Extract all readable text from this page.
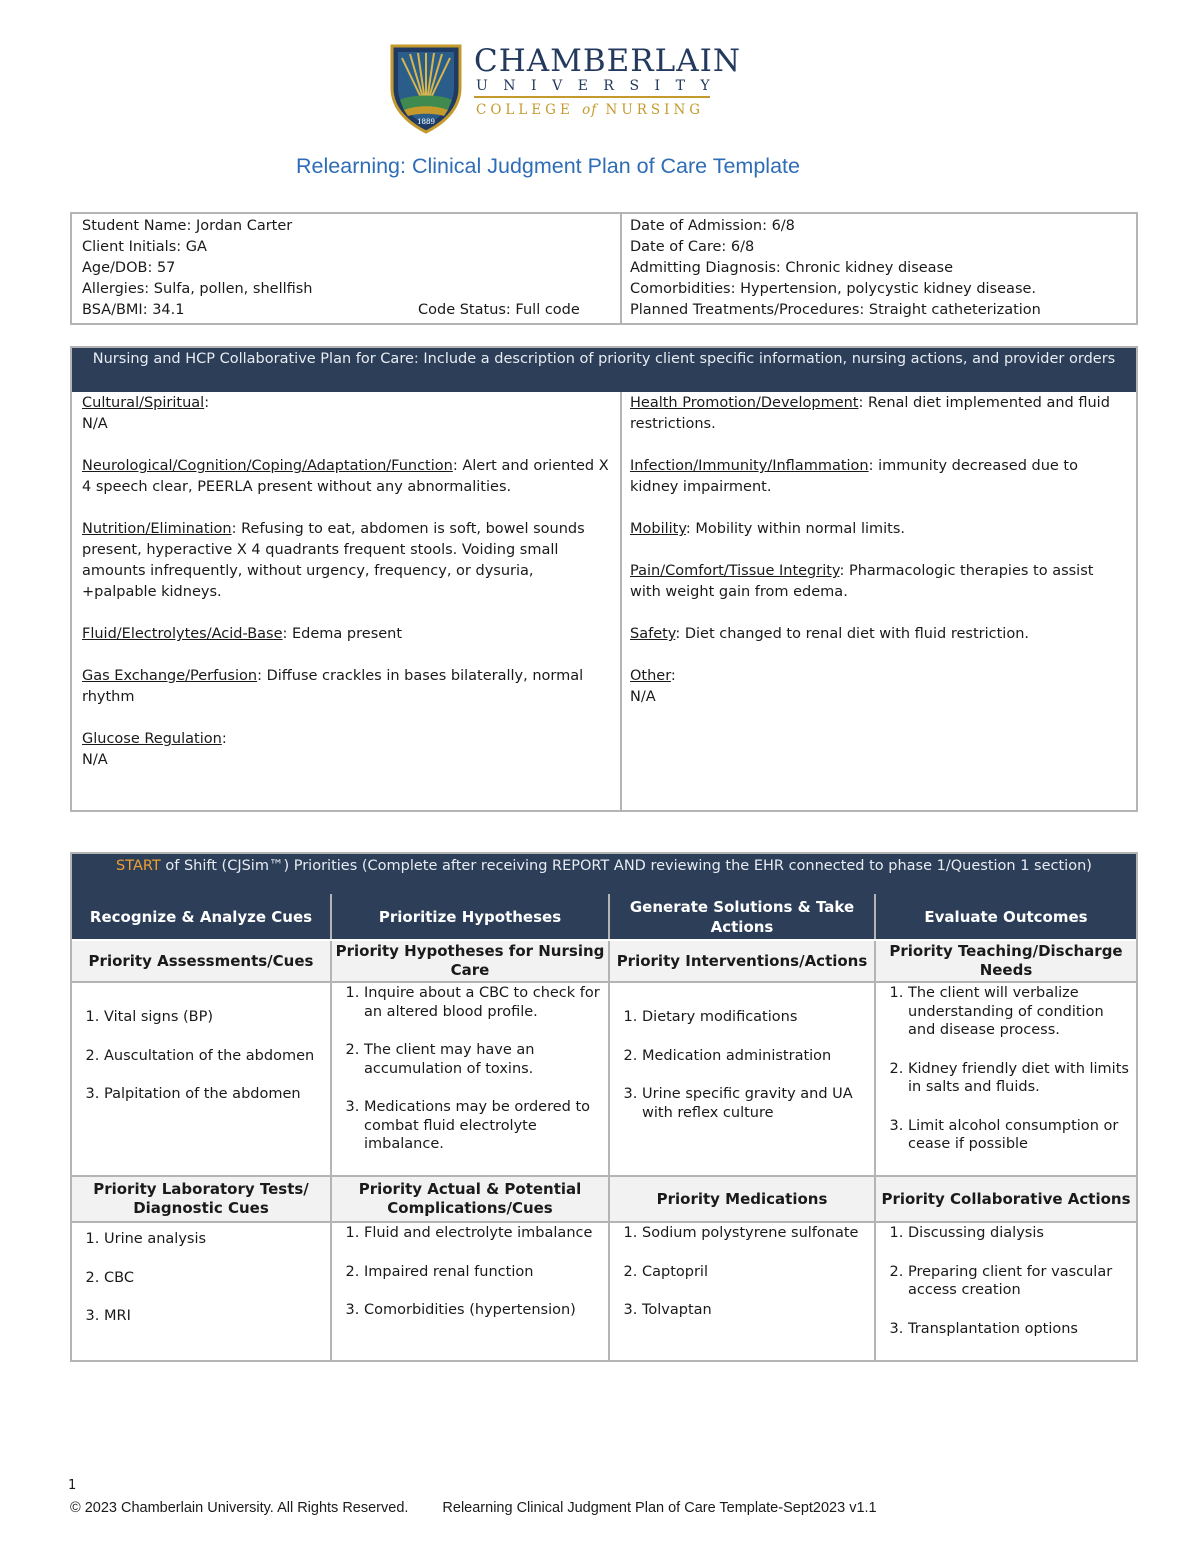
1889
CHAMBERLAIN
UNIVERSITY
COLLEGE of NURSING
Relearning: Clinical Judgment Plan of Care Template
Student Name: Jordan Carter
Client Initials: GA
Age/DOB: 57
Allergies: Sulfa, pollen, shellfish
BSA/BMI: 34.1	Code Status: Full code
Date of Admission: 6/8
Date of Care: 6/8
Admitting Diagnosis: Chronic kidney disease
Comorbidities: Hypertension, polycystic kidney disease.
Planned Treatments/Procedures: Straight catheterization
Nursing and HCP Collaborative Plan for Care: Include a description of priority client specific information, nursing actions, and provider orders
Cultural/Spiritual:
N/A
Neurological/Cognition/Coping/Adaptation/Function: Alert and oriented X 4 speech clear, PEERLA present without any abnormalities.
Nutrition/Elimination: Refusing to eat, abdomen is soft, bowel sounds present, hyperactive X 4 quadrants frequent stools. Voiding small amounts infrequently, without urgency, frequency, or dysuria, +palpable kidneys.
Fluid/Electrolytes/Acid-Base: Edema present
Gas Exchange/Perfusion: Diffuse crackles in bases bilaterally, normal rhythm
Glucose Regulation:
N/A
Health Promotion/Development: Renal diet implemented and fluid restrictions.
Infection/Immunity/Inflammation: immunity decreased due to kidney impairment.
Mobility: Mobility within normal limits.
Pain/Comfort/Tissue Integrity: Pharmacologic therapies to assist with weight gain from edema.
Safety: Diet changed to renal diet with fluid restriction.
Other:
N/A
START of Shift (CJSim™) Priorities (Complete after receiving REPORT AND reviewing the EHR connected to phase 1/Question 1 section)
Recognize & Analyze Cues
Priority Assessments/Cues
Priority Laboratory Tests/ Diagnostic Cues
Prioritize Hypotheses
Priority Hypotheses for Nursing Care
Priority Actual & Potential Complications/Cues
Generate Solutions & Take Actions
Priority Interventions/Actions
Priority Medications
Evaluate Outcomes
Priority Teaching/Discharge Needs
Priority Collaborative Actions
1. Vital signs (BP)
2. Auscultation of the abdomen
3. Palpitation of the abdomen
1. Inquire about a CBC to check for an altered blood profile.
2. The client may have an accumulation of toxins.
3. Medications may be ordered to combat fluid electrolyte imbalance.
1. Dietary modifications
2. Medication administration
3. Urine specific gravity and UA with reflex culture
1. The client will verbalize understanding of condition and disease process.
2. Kidney friendly diet with limits in salts and fluids.
3. Limit alcohol consumption or cease if possible
1. Urine analysis
2. CBC
3. MRI
1. Fluid and electrolyte imbalance
2. Impaired renal function
3. Comorbidities (hypertension)
1. Sodium polystyrene sulfonate
2. Captopril
3. Tolvaptan
1. Discussing dialysis
2. Preparing client for vascular access creation
3. Transplantation options
1
© 2023 Chamberlain University. All Rights Reserved. Relearning Clinical Judgment Plan of Care Template-Sept2023 v1.1
